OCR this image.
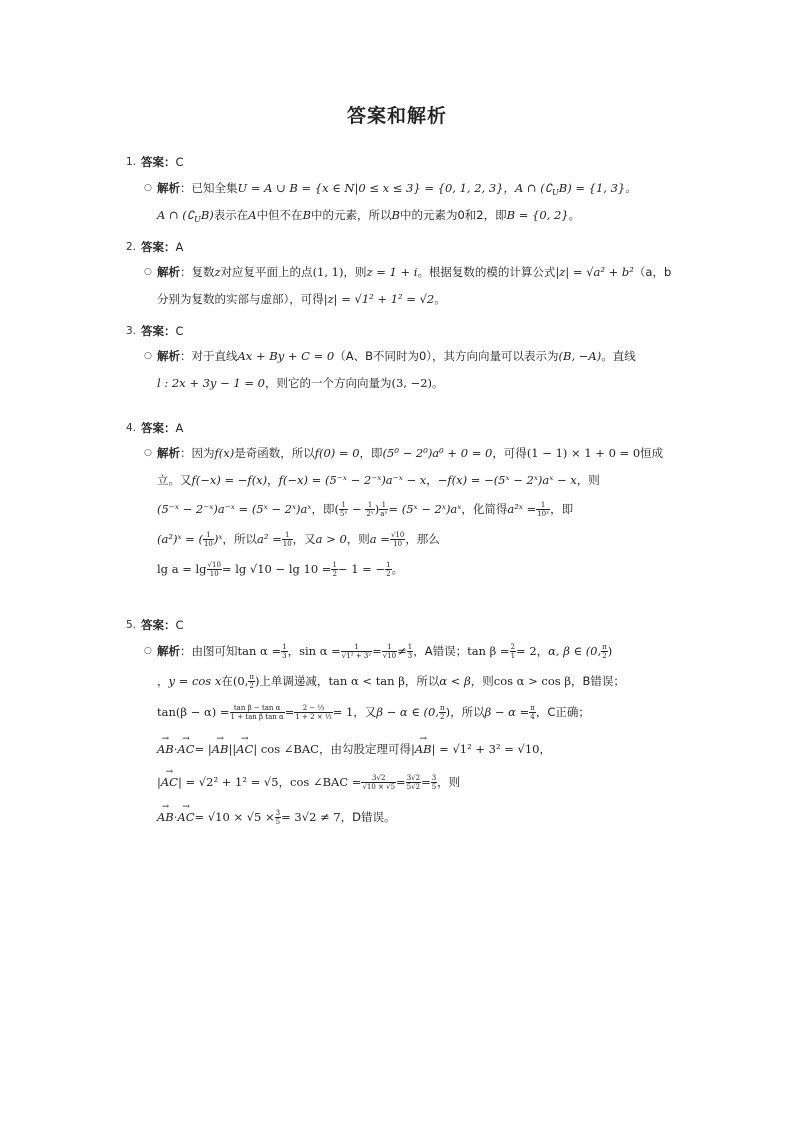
答案和解析
1. 答案：C
○ 解析：已知全集U = A ∪ B = {x ∈ N|0 ≤ x ≤ 3} = {0, 1, 2, 3}，A ∩ $(∁_UB) = \{1$, 3}。
A ∩ $(∁_UB)$表示在A中但不在B中的元素，所以B中的元素为0和2，即B = {0, 2}。
2. 答案：A
○ 解析：复数z对应复平面上的点(1, 1)，则z = 1 + i。根据复数的模的计算公式|z| = √a² + b²（a，b
分别为复数的实部与虚部），可得|z| = √1² + 1² = √2。
3. 答案：C
○ 解析：对于直线Ax + By + C = 0（A、B不同时为0），其方向向量可以表示为(B, −A)。直线
l : 2x + 3y − 1 = 0，则它的一个方向向量为(3, −2)。
4. 答案：A
○ 解析：因为f(x)是奇函数，所以f(0) = 0，即(5⁰ − 2⁰)a⁰ + 0 = 0，可得(1 − 1) × 1 + 0 = 0恒成
立。又f(−x) = −f(x)，f(−x) = (5⁻ˣ − 2⁻ˣ)a⁻ˣ − x，−f(x) = −(5ˣ − 2ˣ)aˣ − x，则
(5⁻ˣ − 2⁻ˣ)a⁻ˣ = (5ˣ − 2ˣ)aˣ，即( $\frac{1}{\text{5ˣ}} - \frac{1}{\text{2ˣ}}$ ) $\frac{1}{\text{aˣ}}$ = (5ˣ − 2ˣ)aˣ，化简得a²ˣ = $\frac{1}{\text{10ˣ}}$ ，即
(a²)ˣ = ( $\frac{1}{10}$ )ˣ，所以$a^2 = \frac{1}{10}$ ，又a > 0，则$a = \frac{√10}{10}$ ，那么
$\lg a = \lg \frac{√10}{10} = \lg √10 - \lg 10 = \frac{1}{2} - 1$ = − $\frac{1}{2}$ 。
5. 答案：C
○ 解析：由图可知$\tan \alpha = \frac{1}{3}$ ，$\sin \alpha = \frac{1}{\text{√1² + 3²}} = \frac{1}{√10} \ne \frac{1}{3}$ ，A错误；$\tan \beta = \frac{2}{1} = 2$，α, β ∈ (0, $\frac{\pi}{2}$ )
，y = cos x在(0, $\frac{\pi}{2}$ )上单调递减，tan α < tan β，所以α < β，则cos α > cos β，B错误；
$\tan(\beta - \alpha) = \frac{\text{tan β − tan α}}{\text{1 + tan β tan α}} = \frac{\text{2 − ⅓}}{\text{1 + 2 × ⅓}} = 1$，又β − α ∈ (0, $\frac{\pi}{2}$ )，所以$\beta - \alpha = \frac{\pi}{4}$ ，C正确；
→ AB·→ AC= |→ AB||→ AC| cos ∠BAC，由勾股定理可得|→ AB| = √1² + 3² = √10，
|→ AC| = √2² + 1² = √5，cos ∠BAC = $\frac{3√2}{√10 \times √5} = \frac{3√2}{5√2} = \frac{3}{5}$ ，则
→ $AB\cdot\to AC= √10 \times √5 \times \frac{3}{5} = 3√2 \ne 7$，D错误。
